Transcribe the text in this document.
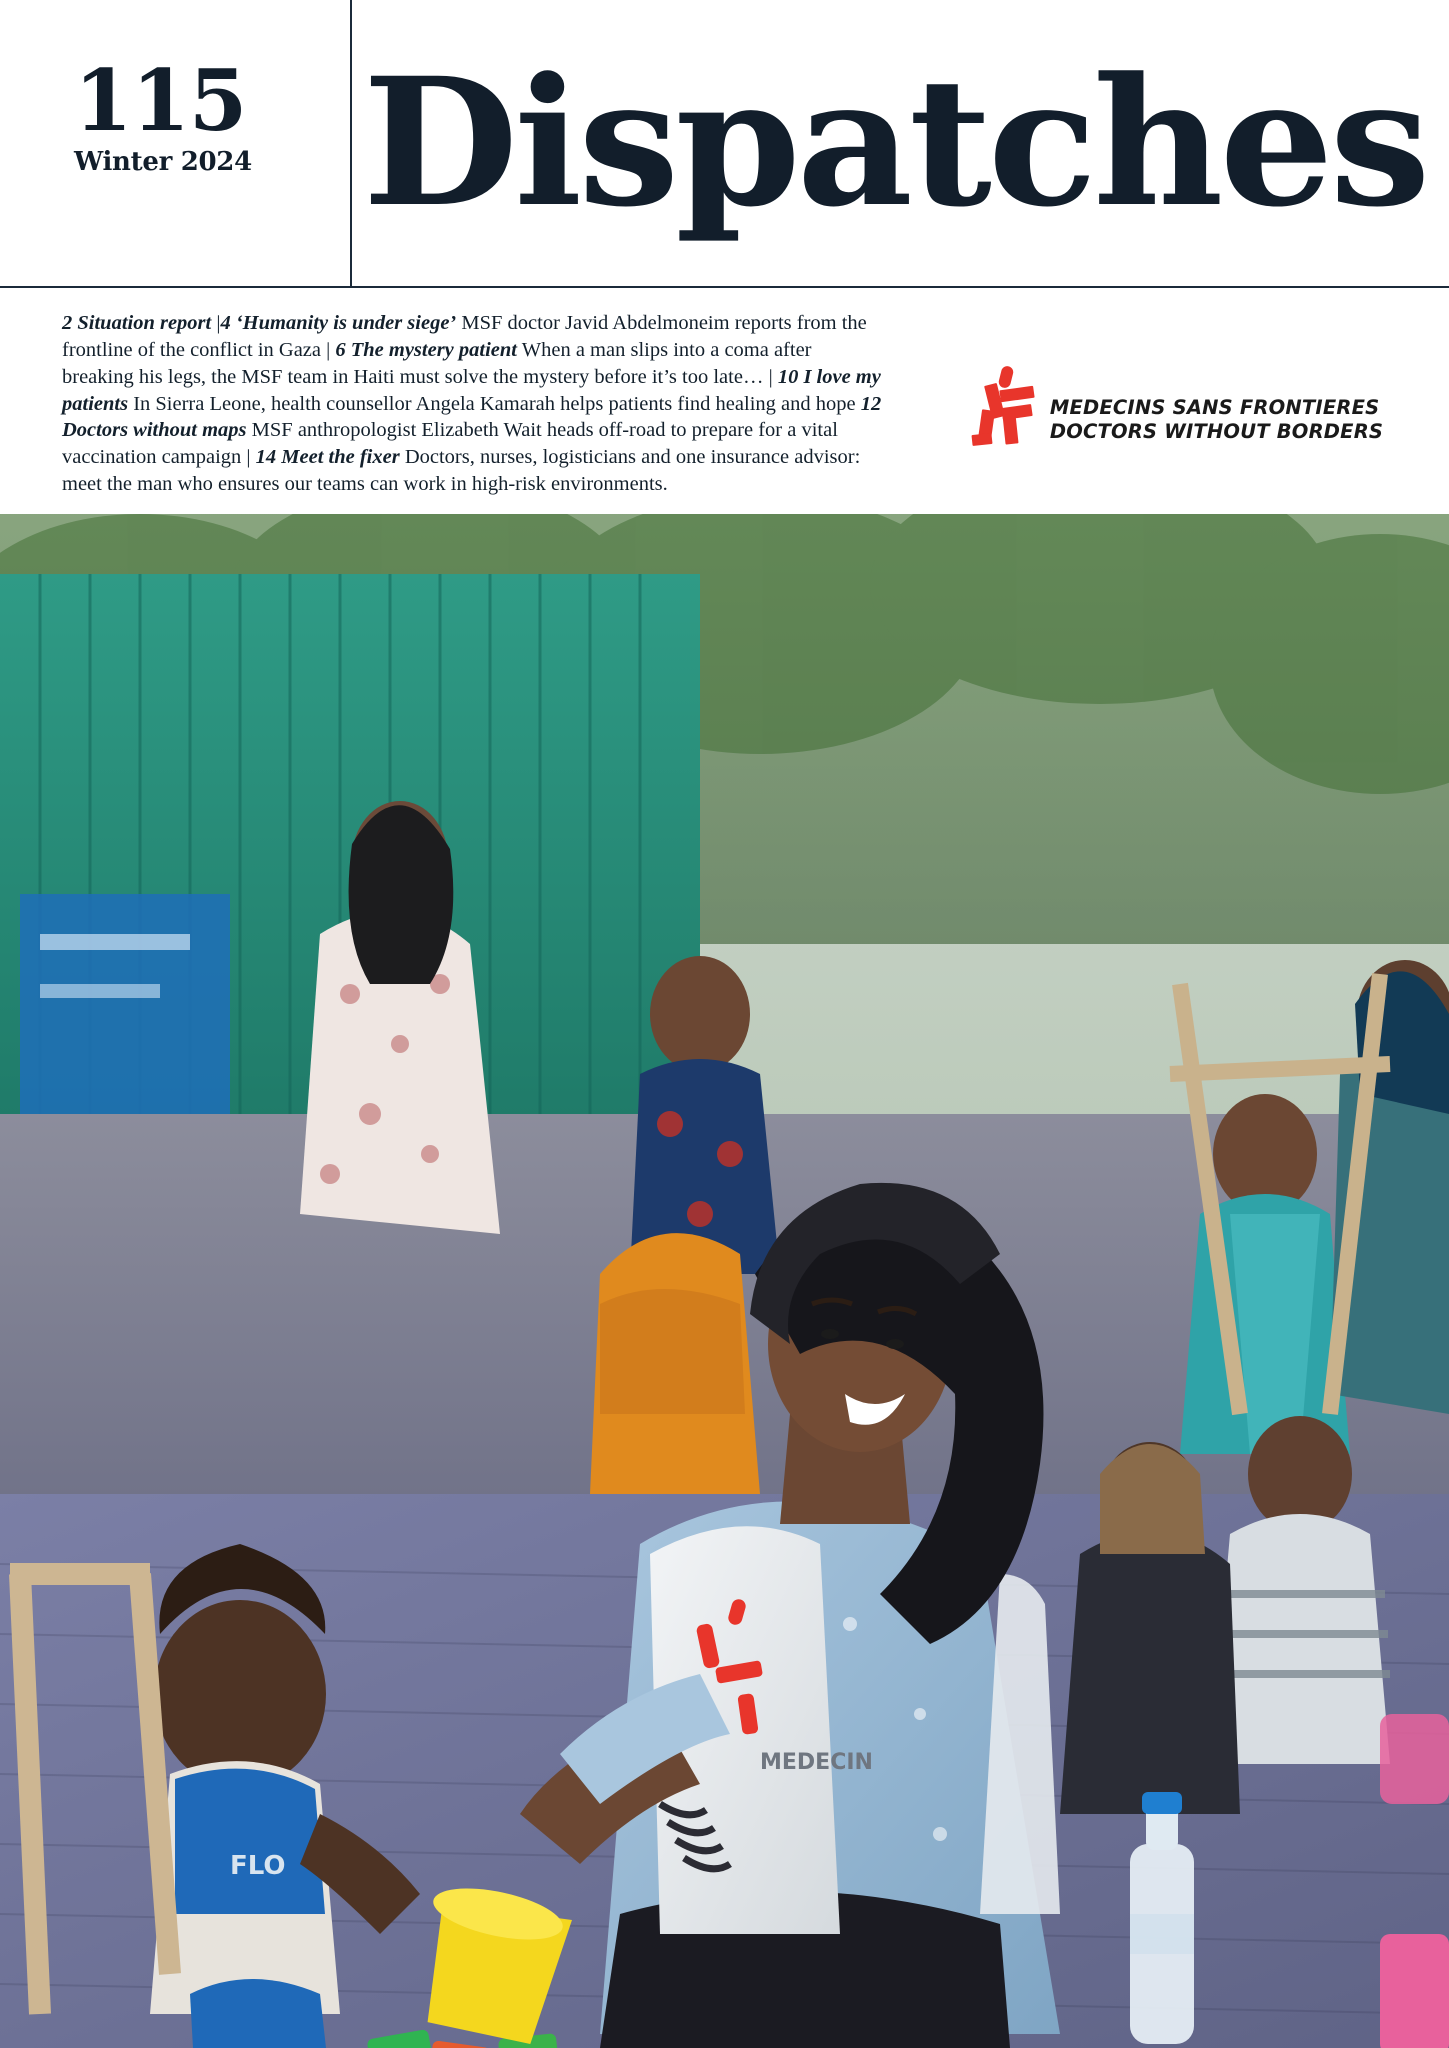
115
Winter 2024 Dispatches
2 Situation report |4 ‘Humanity is under siege’ MSF doctor Javid Abdelmoneim reports from the frontline of the conflict in Gaza | 6 The mystery patient When a man slips into a coma after breaking his legs, the MSF team in Haiti must solve the mystery before it’s too late… | 10 I love my patients In Sierra Leone, health counsellor Angela Kamarah helps patients find healing and hope 12 Doctors without maps MSF anthropologist Elizabeth Wait heads off-road to prepare for a vital vaccination campaign | 14 Meet the fixer Doctors, nurses, logisticians and one insurance advisor: meet the man who ensures our teams can work in high-risk environments.
MEDECINS SANS FRONTIERES
DOCTORS WITHOUT BORDERS
MEDECIN
FLO
